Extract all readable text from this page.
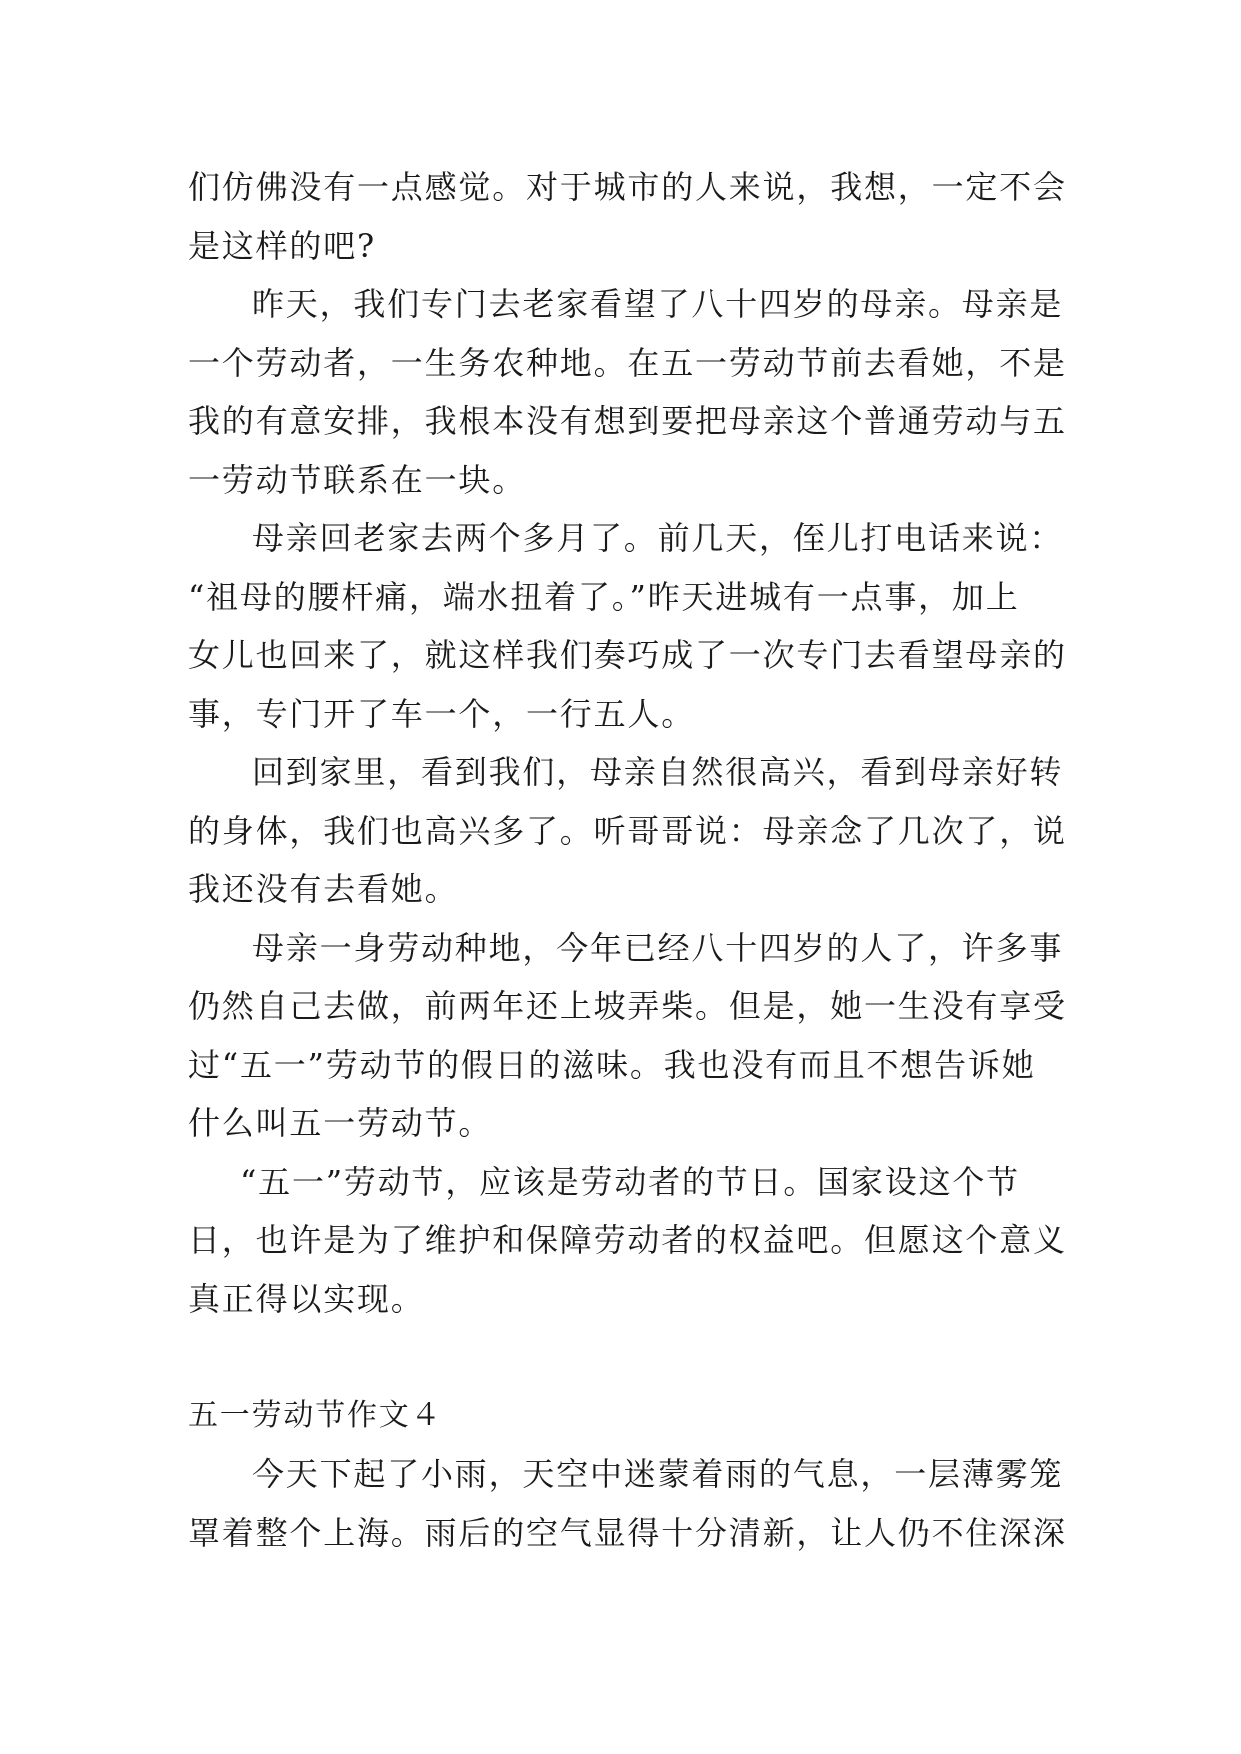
们仿佛没有一点感觉。对于城市的人来说，我想，一定不会
是这样的吧?
昨天，我们专门去老家看望了八十四岁的母亲。母亲是
一个劳动者，一生务农种地。在五一劳动节前去看她，不是
我的有意安排，我根本没有想到要把母亲这个普通劳动与五
一劳动节联系在一块。
母亲回老家去两个多月了。前几天，侄儿打电话来说：
“祖母的腰杆痛，端水扭着了。”昨天进城有一点事，加上
女儿也回来了，就这样我们奏巧成了一次专门去看望母亲的
事，专门开了车一个，一行五人。
回到家里，看到我们，母亲自然很高兴，看到母亲好转
的身体，我们也高兴多了。听哥哥说：母亲念了几次了，说
我还没有去看她。
母亲一身劳动种地，今年已经八十四岁的人了，许多事
仍然自己去做，前两年还上坡弄柴。但是，她一生没有享受
过“五一”劳动节的假日的滋味。我也没有而且不想告诉她
什么叫五一劳动节。
“五一”劳动节，应该是劳动者的节日。国家设这个节
日，也许是为了维护和保障劳动者的权益吧。但愿这个意义
真正得以实现。
五一劳动节作文４
今天下起了小雨，天空中迷蒙着雨的气息，一层薄雾笼
罩着整个上海。雨后的空气显得十分清新，让人仍不住深深
